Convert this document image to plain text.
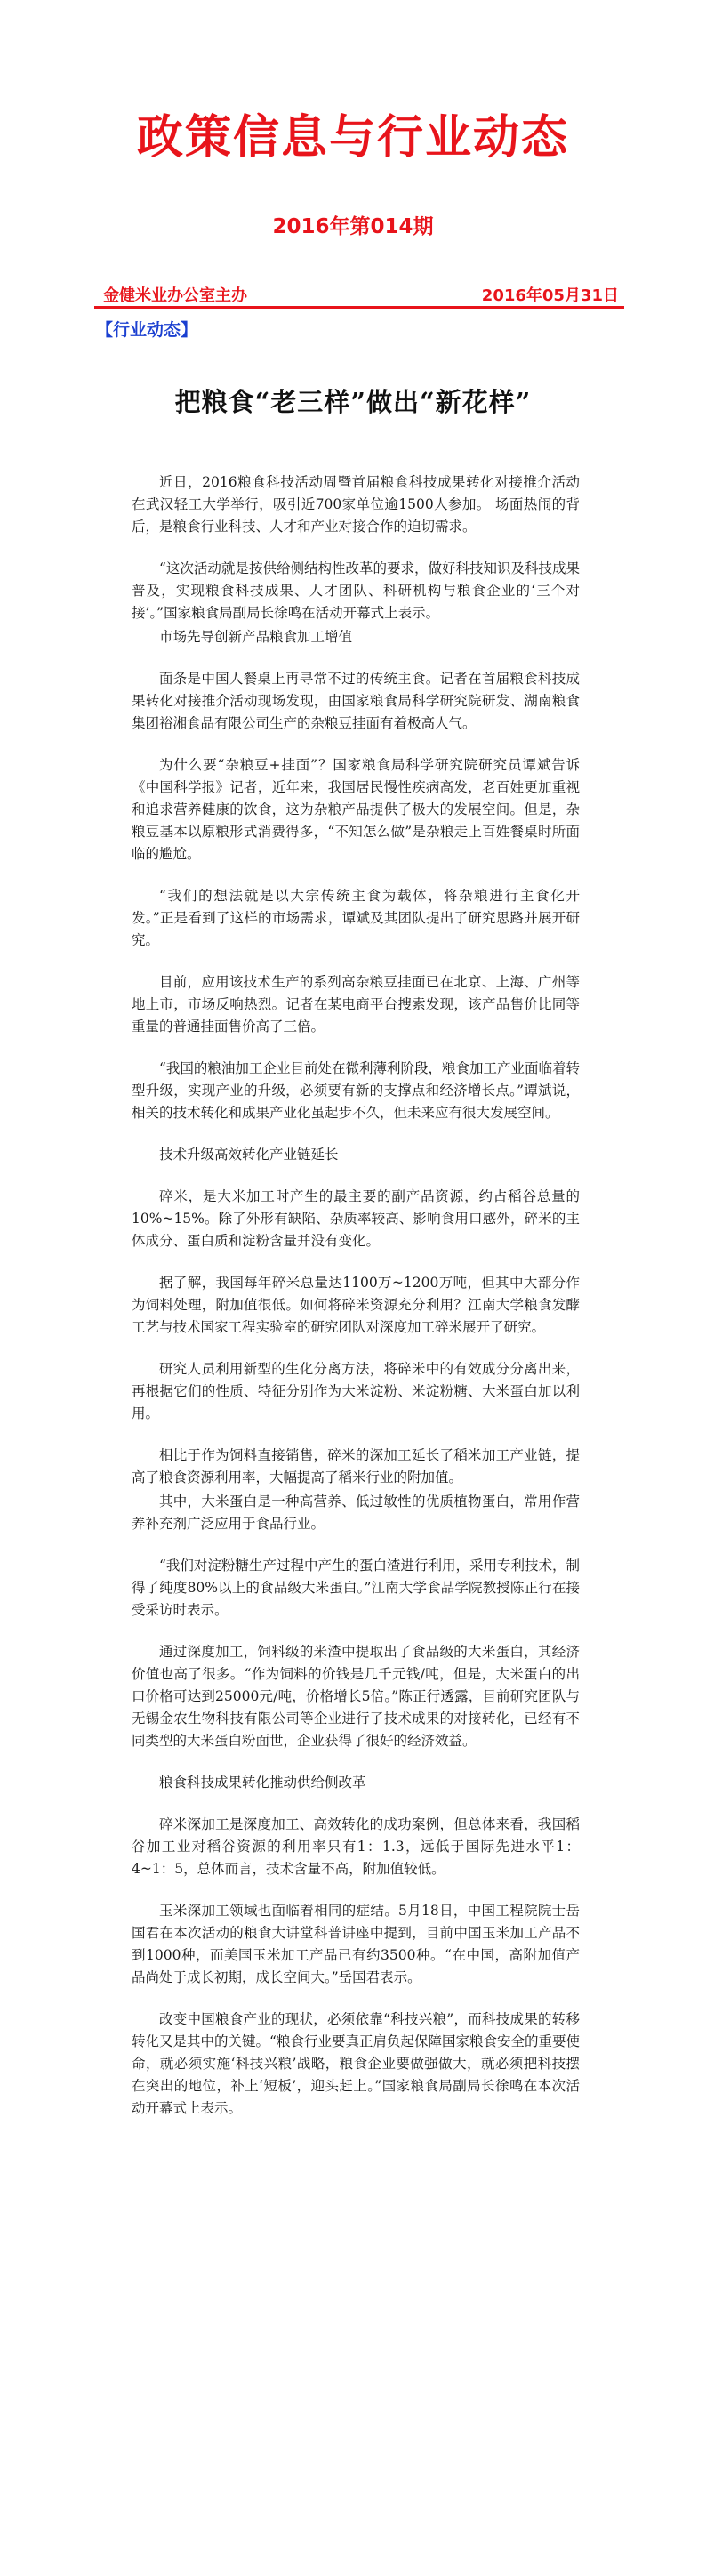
政策信息与行业动态
2016年第014期
金健米业办公室主办	2016年05月31日
【行业动态】
把粮食“老三样”做出“新花样”

近日，2016粮食科技活动周暨首届粮食科技成果转化对接推介活动在武汉轻工大学举行，吸引近700家单位逾1500人参加。 场面热闹的背后，是粮食行业科技、人才和产业对接合作的迫切需求。

“这次活动就是按供给侧结构性改革的要求，做好科技知识及科技成果普及，实现粮食科技成果、人才团队、科研机构与粮食企业的‘三个对接’。”国家粮食局副局长徐鸣在活动开幕式上表示。

市场先导创新产品粮食加工增值

面条是中国人餐桌上再寻常不过的传统主食。记者在首届粮食科技成果转化对接推介活动现场发现，由国家粮食局科学研究院研发、湖南粮食集团裕湘食品有限公司生产的杂粮豆挂面有着极高人气。

为什么要“杂粮豆+挂面”？国家粮食局科学研究院研究员谭斌告诉《中国科学报》记者，近年来，我国居民慢性疾病高发，老百姓更加重视和追求营养健康的饮食，这为杂粮产品提供了极大的发展空间。但是，杂粮豆基本以原粮形式消费得多，“不知怎么做”是杂粮走上百姓餐桌时所面临的尴尬。

“我们的想法就是以大宗传统主食为载体，将杂粮进行主食化开发。”正是看到了这样的市场需求，谭斌及其团队提出了研究思路并展开研究。

目前，应用该技术生产的系列高杂粮豆挂面已在北京、上海、广州等地上市，市场反响热烈。记者在某电商平台搜索发现，该产品售价比同等重量的普通挂面售价高了三倍。

“我国的粮油加工企业目前处在微利薄利阶段，粮食加工产业面临着转型升级，实现产业的升级，必须要有新的支撑点和经济增长点。”谭斌说，相关的技术转化和成果产业化虽起步不久，但未来应有很大发展空间。

技术升级高效转化产业链延长

碎米，是大米加工时产生的最主要的副产品资源，约占稻谷总量的10%~15%。除了外形有缺陷、杂质率较高、影响食用口感外，碎米的主体成分、蛋白质和淀粉含量并没有变化。

据了解，我国每年碎米总量达1100万~1200万吨，但其中大部分作为饲料处理，附加值很低。如何将碎米资源充分利用？江南大学粮食发酵工艺与技术国家工程实验室的研究团队对深度加工碎米展开了研究。

研究人员利用新型的生化分离方法，将碎米中的有效成分分离出来，再根据它们的性质、特征分别作为大米淀粉、米淀粉糖、大米蛋白加以利用。

相比于作为饲料直接销售，碎米的深加工延长了稻米加工产业链，提高了粮食资源利用率，大幅提高了稻米行业的附加值。

其中，大米蛋白是一种高营养、低过敏性的优质植物蛋白，常用作营养补充剂广泛应用于食品行业。

“我们对淀粉糖生产过程中产生的蛋白渣进行利用，采用专利技术，制得了纯度80%以上的食品级大米蛋白。”江南大学食品学院教授陈正行在接受采访时表示。

通过深度加工，饲料级的米渣中提取出了食品级的大米蛋白，其经济价值也高了很多。“作为饲料的价钱是几千元钱/吨，但是，大米蛋白的出口价格可达到25000元/吨，价格增长5倍。”陈正行透露，目前研究团队与无锡金农生物科技有限公司等企业进行了技术成果的对接转化，已经有不同类型的大米蛋白粉面世，企业获得了很好的经济效益。

粮食科技成果转化推动供给侧改革

碎米深加工是深度加工、高效转化的成功案例，但总体来看，我国稻谷加工业对稻谷资源的利用率只有1：1.3，远低于国际先进水平1：4~1：5，总体而言，技术含量不高，附加值较低。

玉米深加工领域也面临着相同的症结。5月18日，中国工程院院士岳国君在本次活动的粮食大讲堂科普讲座中提到，目前中国玉米加工产品不到1000种，而美国玉米加工产品已有约3500种。“在中国，高附加值产品尚处于成长初期，成长空间大。”岳国君表示。

改变中国粮食产业的现状，必须依靠“科技兴粮”，而科技成果的转移转化又是其中的关键。“粮食行业要真正肩负起保障国家粮食安全的重要使命，就必须实施‘科技兴粮’战略，粮食企业要做强做大，就必须把科技摆在突出的地位，补上‘短板’，迎头赶上。”国家粮食局副局长徐鸣在本次活动开幕式上表示。
